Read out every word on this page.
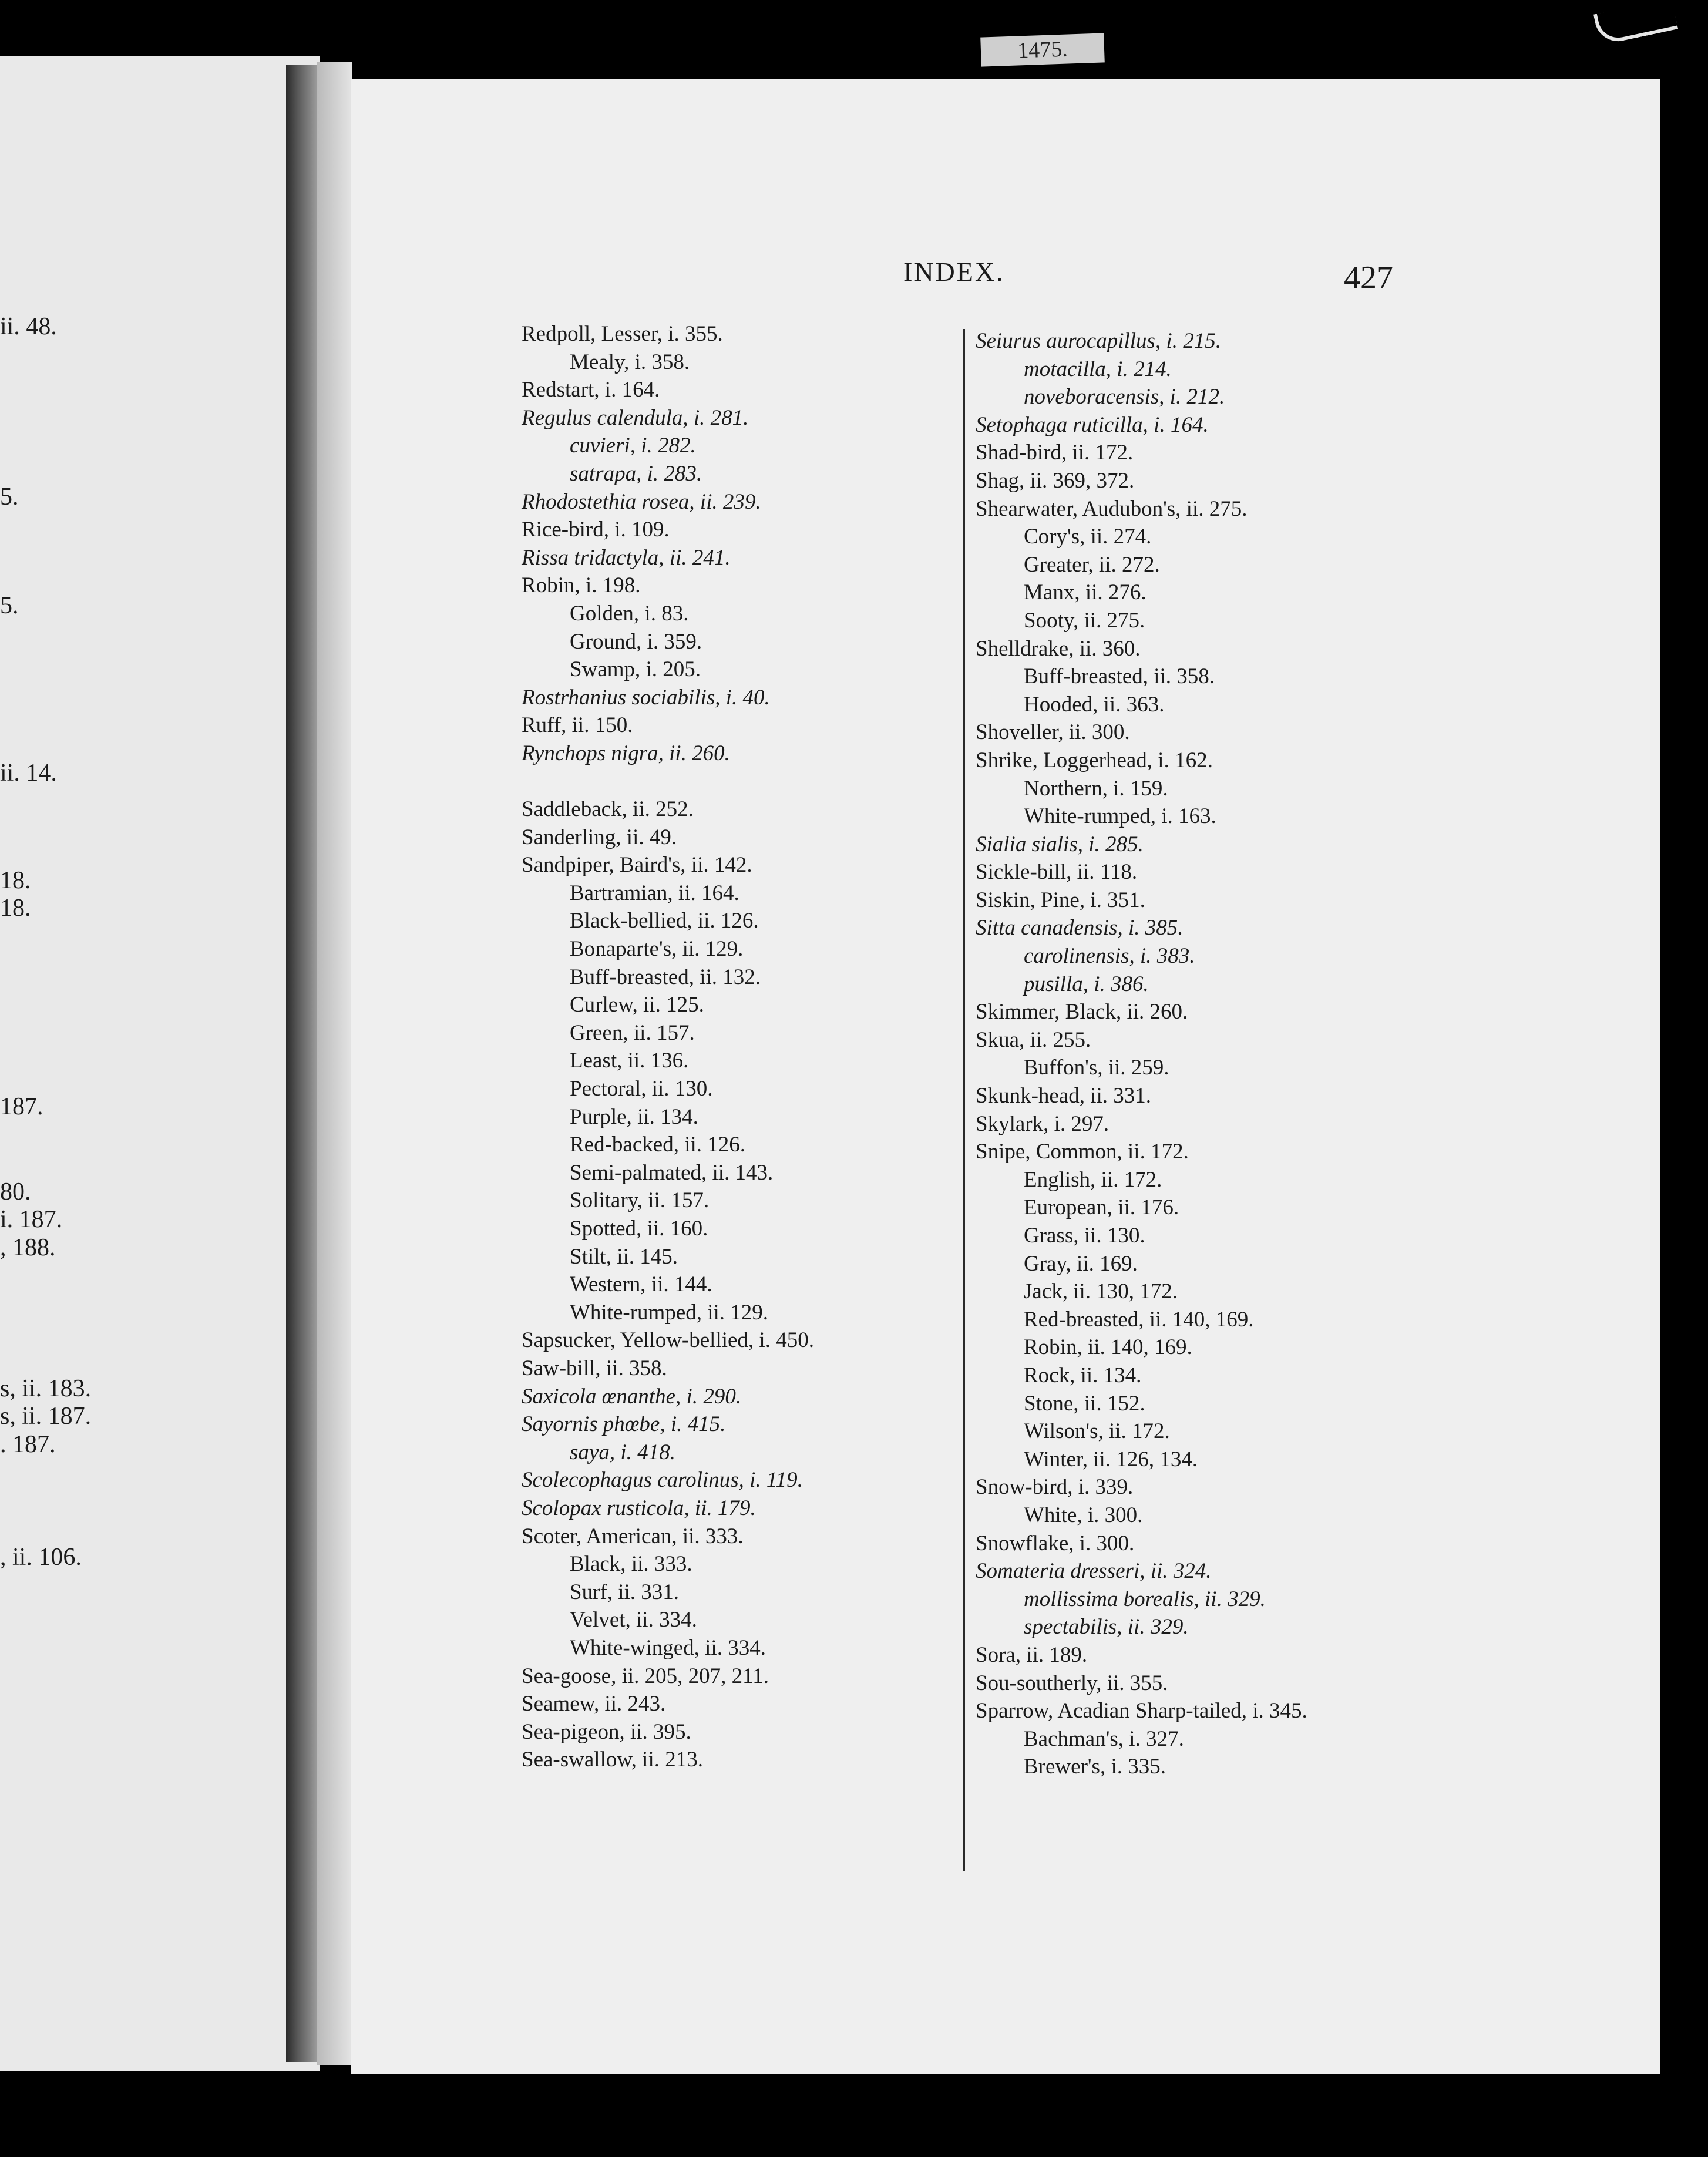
ii. 48.
5.
5.
ii. 14.
18.
18.
187.
80.
i. 187.
, 188.
s, ii. 183.
s, ii. 187.
. 187.
, ii. 106.
1475.
INDEX.	427
Redpoll, Lesser, i. 355.
Mealy, i. 358.
Redstart, i. 164.
Regulus calendula, i. 281.
cuvieri, i. 282.
satrapa, i. 283.
Rhodostethia rosea, ii. 239.
Rice-bird, i. 109.
Rissa tridactyla, ii. 241.
Robin, i. 198.
Golden, i. 83.
Ground, i. 359.
Swamp, i. 205.
Rostrhanius sociabilis, i. 40.
Ruff, ii. 150.
Rynchops nigra, ii. 260.
Saddleback, ii. 252.
Sanderling, ii. 49.
Sandpiper, Baird's, ii. 142.
Bartramian, ii. 164.
Black-bellied, ii. 126.
Bonaparte's, ii. 129.
Buff-breasted, ii. 132.
Curlew, ii. 125.
Green, ii. 157.
Least, ii. 136.
Pectoral, ii. 130.
Purple, ii. 134.
Red-backed, ii. 126.
Semi-palmated, ii. 143.
Solitary, ii. 157.
Spotted, ii. 160.
Stilt, ii. 145.
Western, ii. 144.
White-rumped, ii. 129.
Sapsucker, Yellow-bellied, i. 450.
Saw-bill, ii. 358.
Saxicola œnanthe, i. 290.
Sayornis phœbe, i. 415.
saya, i. 418.
Scolecophagus carolinus, i. 119.
Scolopax rusticola, ii. 179.
Scoter, American, ii. 333.
Black, ii. 333.
Surf, ii. 331.
Velvet, ii. 334.
White-winged, ii. 334.
Sea-goose, ii. 205, 207, 211.
Seamew, ii. 243.
Sea-pigeon, ii. 395.
Sea-swallow, ii. 213.
Seiurus aurocapillus, i. 215.
motacilla, i. 214.
noveboracensis, i. 212.
Setophaga ruticilla, i. 164.
Shad-bird, ii. 172.
Shag, ii. 369, 372.
Shearwater, Audubon's, ii. 275.
Cory's, ii. 274.
Greater, ii. 272.
Manx, ii. 276.
Sooty, ii. 275.
Shelldrake, ii. 360.
Buff-breasted, ii. 358.
Hooded, ii. 363.
Shoveller, ii. 300.
Shrike, Loggerhead, i. 162.
Northern, i. 159.
White-rumped, i. 163.
Sialia sialis, i. 285.
Sickle-bill, ii. 118.
Siskin, Pine, i. 351.
Sitta canadensis, i. 385.
carolinensis, i. 383.
pusilla, i. 386.
Skimmer, Black, ii. 260.
Skua, ii. 255.
Buffon's, ii. 259.
Skunk-head, ii. 331.
Skylark, i. 297.
Snipe, Common, ii. 172.
English, ii. 172.
European, ii. 176.
Grass, ii. 130.
Gray, ii. 169.
Jack, ii. 130, 172.
Red-breasted, ii. 140, 169.
Robin, ii. 140, 169.
Rock, ii. 134.
Stone, ii. 152.
Wilson's, ii. 172.
Winter, ii. 126, 134.
Snow-bird, i. 339.
White, i. 300.
Snowflake, i. 300.
Somateria dresseri, ii. 324.
mollissima borealis, ii. 329.
spectabilis, ii. 329.
Sora, ii. 189.
Sou-southerly, ii. 355.
Sparrow, Acadian Sharp-tailed, i. 345.
Bachman's, i. 327.
Brewer's, i. 335.
